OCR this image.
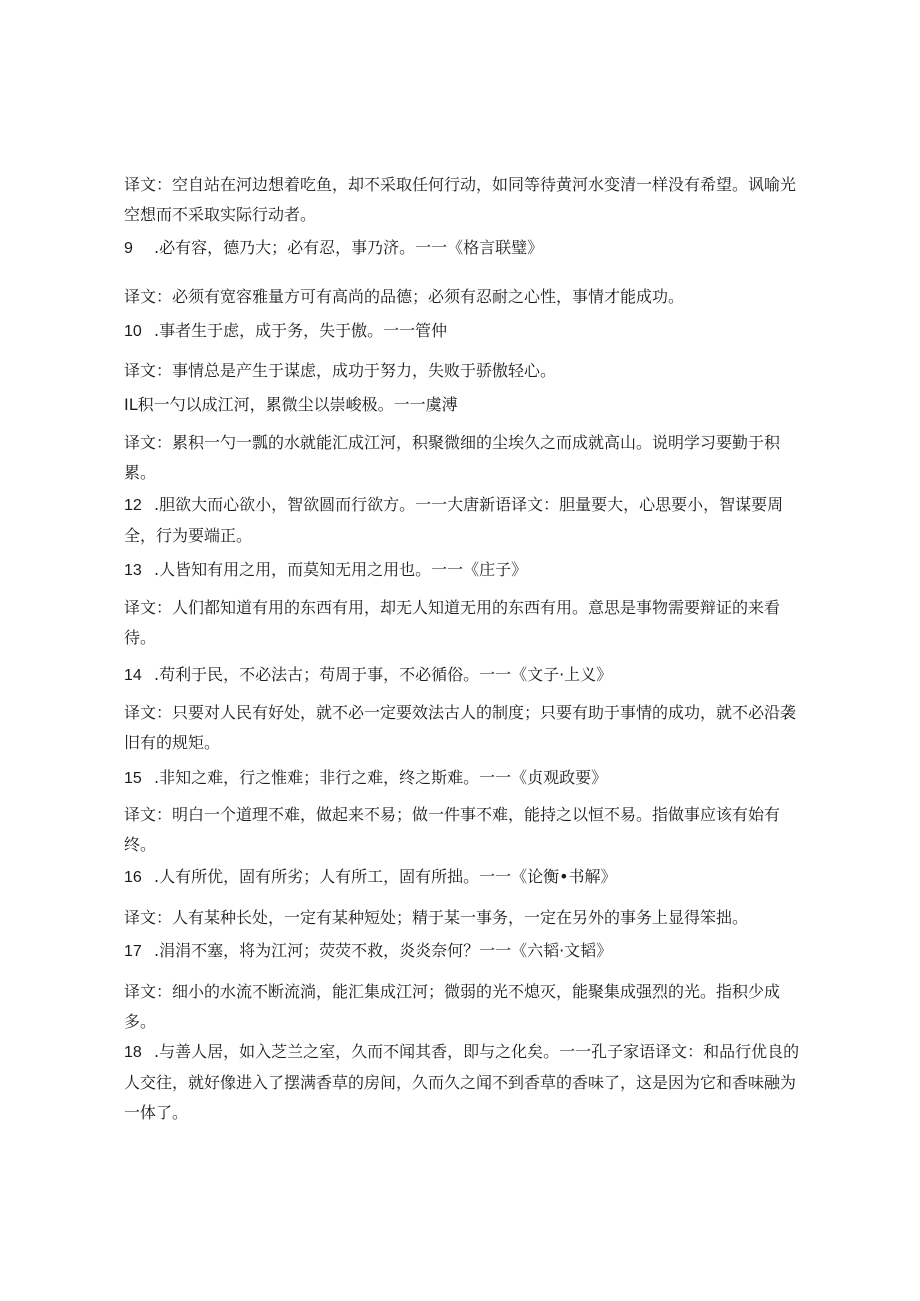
译文：空自站在河边想着吃鱼，却不采取任何行动，如同等待黄河水变清一样没有希望。讽喻光空想而不采取实际行动者。

9 .必有容，德乃大；必有忍，事乃济。一一《格言联璧》

译文：必须有宽容雅量方可有高尚的品德；必须有忍耐之心性，事情才能成功。

10 .事者生于虑，成于务，失于傲。一一管仲

译文：事情总是产生于谋虑，成功于努力，失败于骄傲轻心。

IL积一勺以成江河，累微尘以崇峻极。一一虞溥

译文：累积一勺一瓢的水就能汇成江河，积聚微细的尘埃久之而成就高山。说明学习要勤于积累。

12 .胆欲大而心欲小，智欲圆而行欲方。一一大唐新语译文：胆量要大，心思要小，智谋要周全，行为要端正。

13 .人皆知有用之用，而莫知无用之用也。一一《庄子》

译文：人们都知道有用的东西有用，却无人知道无用的东西有用。意思是事物需要辩证的来看待。

14 .苟利于民，不必法古；苟周于事，不必循俗。一一《文子·上义》

译文：只要对人民有好处，就不必一定要效法古人的制度；只要有助于事情的成功，就不必沿袭旧有的规矩。

15 .非知之难，行之惟难；非行之难，终之斯难。一一《贞观政要》

译文：明白一个道理不难，做起来不易；做一件事不难，能持之以恒不易。指做事应该有始有终。

16 .人有所优，固有所劣；人有所工，固有所拙。一一《论衡•书解》

译文：人有某种长处，一定有某种短处；精于某一事务，一定在另外的事务上显得笨拙。

17 .涓涓不塞，将为江河；荧荧不救，炎炎奈何？一一《六韬·文韬》

译文：细小的水流不断流淌，能汇集成江河；微弱的光不熄灭，能聚集成强烈的光。指积少成多。

18 .与善人居，如入芝兰之室，久而不闻其香，即与之化矣。一一孔子家语译文：和品行优良的人交往，就好像进入了摆满香草的房间，久而久之闻不到香草的香味了，这是因为它和香味融为一体了。
